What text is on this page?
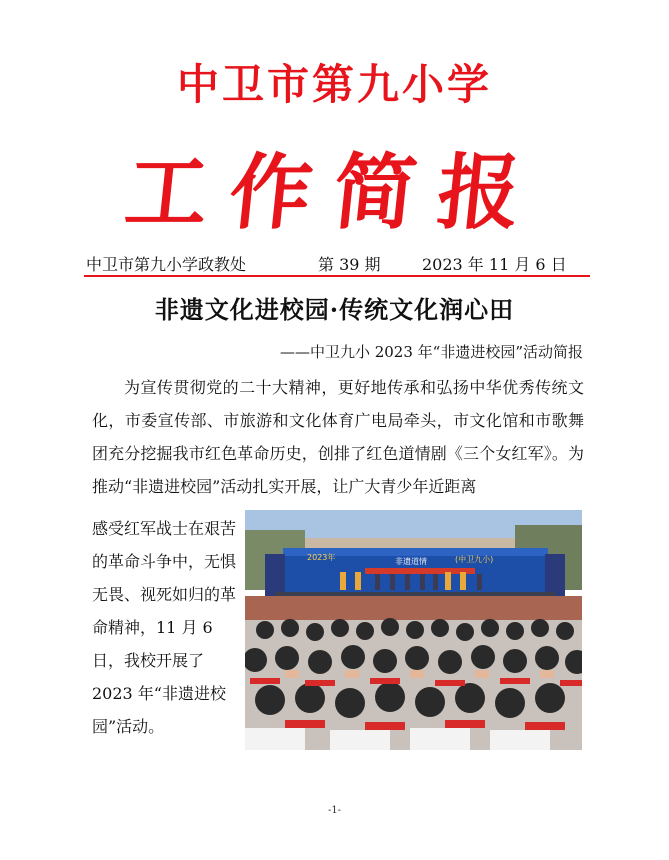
中卫市第九小学
工作简报
中卫市第九小学政教处	第 39 期	2023 年 11 月 6 日
非遗文化进校园·传统文化润心田
——中卫九小 2023 年“非遗进校园”活动简报

为宣传贯彻党的二十大精神，更好地传承和弘扬中华优秀传统文化，市委宣传部、市旅游和文化体育广电局牵头，市文化馆和市歌舞团充分挖掘我市红色革命历史，创排了红色道情剧《三个女红军》。为推动“非遗进校园”活动扎实开展，让广大青少年近距离

感受红军战士在艰苦的革命斗争中，无惧无畏、视死如归的革命精神，11 月 6 日，我校开展了 2023 年“非遗进校园”活动。

2023年	非遗道情	(中卫九小)
-1-
